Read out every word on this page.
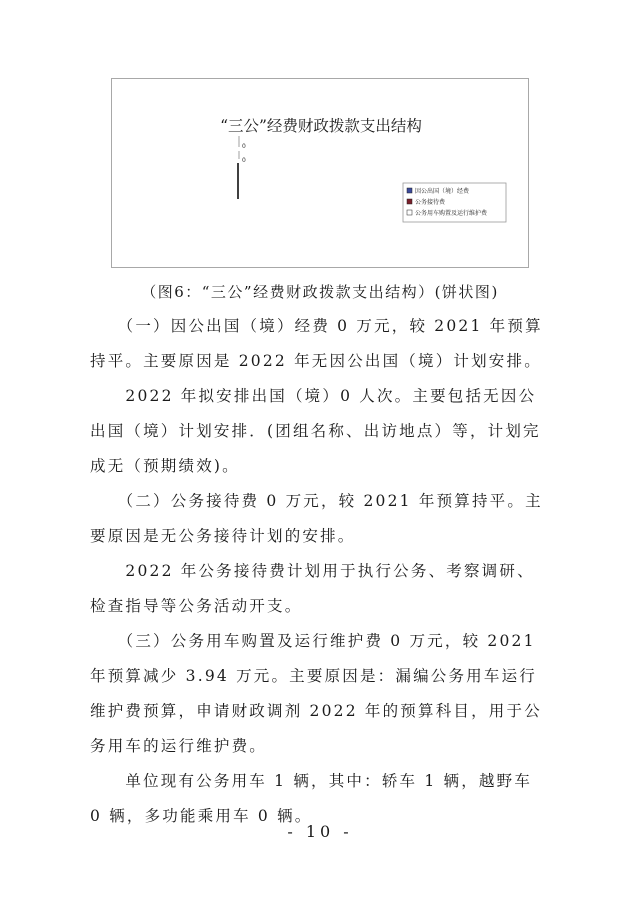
“三公”经费财政拨款支出结构
0
0
因公出国（境）经费
公务接待费
公务用车购置及运行维护费
（图6：“三公”经费财政拨款支出结构）(饼状图)

　　（一）因公出国（境）经费 0 万元，较 2021 年预算持平。主要原因是 2022 年无因公出国（境）计划安排。

　　2022 年拟安排出国（境）0 人次。主要包括无因公出国（境）计划安排．(团组名称、出访地点）等，计划完成无（预期绩效)。

　　（二）公务接待费 0 万元，较 2021 年预算持平。主要原因是无公务接待计划的安排。

　　2022 年公务接待费计划用于执行公务、考察调研、检查指导等公务活动开支。

　　（三）公务用车购置及运行维护费 0 万元，较 2021 年预算减少 3.94 万元。主要原因是：漏编公务用车运行维护费预算，申请财政调剂 2022 年的预算科目，用于公务用车的运行维护费。

　　单位现有公务用车 1 辆，其中：轿车 1 辆，越野车 0 辆，多功能乘用车 0 辆。

- 10 -
